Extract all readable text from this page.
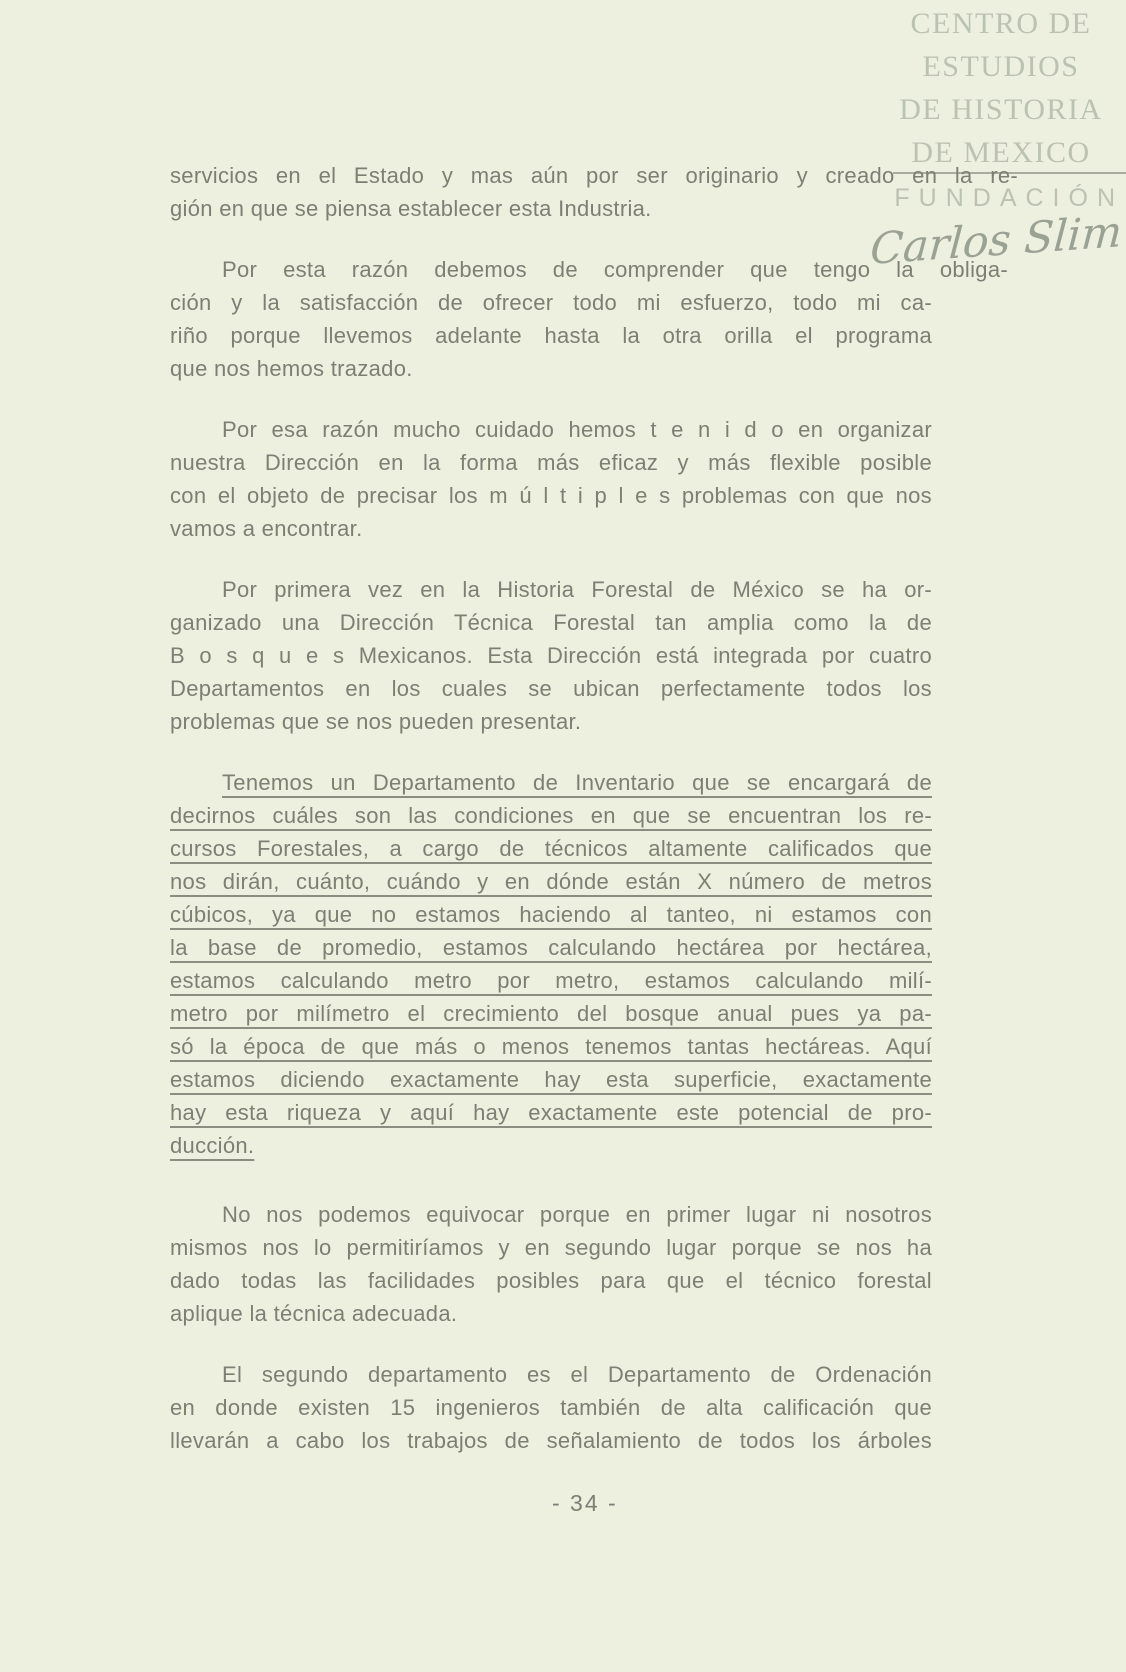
CENTRO DE
ESTUDIOS
DE HISTORIA
DE MEXICO
FUNDACIÓN
Carlos Slim
servicios en el Estado y mas aún por ser originario y creado en la re-
gión en que se piensa establecer esta Industria.
Por esta razón debemos de comprender que tengo la obliga-
ción y la satisfacción de ofrecer todo mi esfuerzo, todo mi ca-
riño porque llevemos adelante hasta la otra orilla el programa
que nos hemos trazado.
Por esa razón mucho cuidado hemos t e n i d o en organizar
nuestra Dirección en la forma más eficaz y más flexible posible
con el objeto de precisar los m ú l t i p l e s problemas con que nos
vamos a encontrar.
Por primera vez en la Historia Forestal de México se ha or-
ganizado una Dirección Técnica Forestal tan amplia como la de
B o s q u e s Mexicanos. Esta Dirección está integrada por cuatro
Departamentos en los cuales se ubican perfectamente todos los
problemas que se nos pueden presentar.
Tenemos un Departamento de Inventario que se encargará de
decirnos cuáles son las condiciones en que se encuentran los re-
cursos Forestales, a cargo de técnicos altamente calificados que
nos dirán, cuánto, cuándo y en dónde están X número de metros
cúbicos, ya que no estamos haciendo al tanteo, ni estamos con
la base de promedio, estamos calculando hectárea por hectárea,
estamos calculando metro por metro, estamos calculando milí-
metro por milímetro el crecimiento del bosque anual pues ya pa-
só la época de que más o menos tenemos tantas hectáreas. Aquí
estamos diciendo exactamente hay esta superficie, exactamente
hay esta riqueza y aquí hay exactamente este potencial de pro-
ducción.
No nos podemos equivocar porque en primer lugar ni nosotros
mismos nos lo permitiríamos y en segundo lugar porque se nos ha
dado todas las facilidades posibles para que el técnico forestal
aplique la técnica adecuada.
El segundo departamento es el Departamento de Ordenación
en donde existen 15 ingenieros también de alta calificación que
llevarán a cabo los trabajos de señalamiento de todos los árboles
- 34 -
